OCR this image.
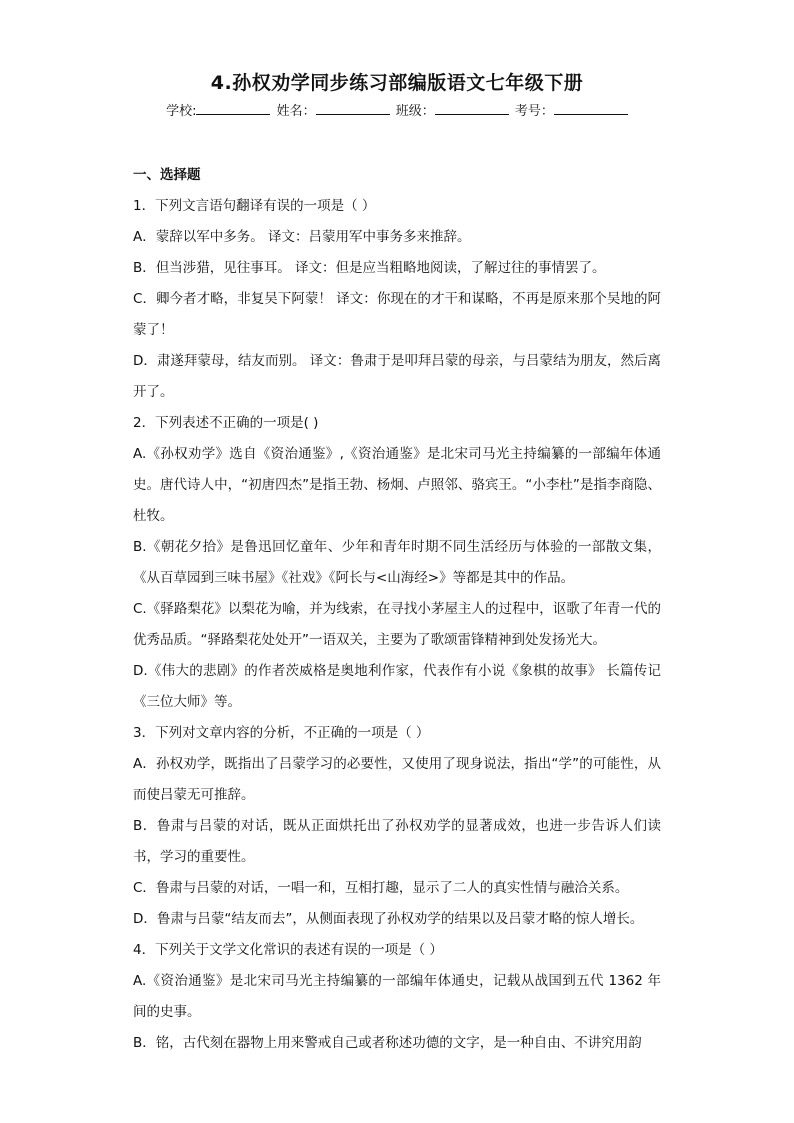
4.孙权劝学同步练习部编版语文七年级下册
学校:	姓名：	班级：	考号：
一、选择题

1．下列文言语句翻译有误的一项是（ ）

A．蒙辞以军中多务。 译文：吕蒙用军中事务多来推辞。

B．但当涉猎，见往事耳。 译文：但是应当粗略地阅读，了解过往的事情罢了。

C．卿今者才略，非复吴下阿蒙！ 译文：你现在的才干和谋略，不再是原来那个吴地的阿蒙了！

D．肃遂拜蒙母，结友而别。 译文：鲁肃于是叩拜吕蒙的母亲，与吕蒙结为朋友，然后离开了。

2．下列表述不正确的一项是( )

A.《孙权劝学》选自《资治通鉴》,《资治通鉴》是北宋司马光主持编纂的一部编年体通史。唐代诗人中，“初唐四杰”是指王勃、杨炯、卢照邻、骆宾王。“小李杜”是指李商隐、杜牧。

B.《朝花夕拾》是鲁迅回忆童年、少年和青年时期不同生活经历与体验的一部散文集，《从百草园到三味书屋》《社戏》《阿长与<山海经>》等都是其中的作品。

C.《驿路梨花》以梨花为喻，并为线索，在寻找小茅屋主人的过程中，讴歌了年青一代的优秀品质。“驿路梨花处处开”一语双关，主要为了歌颂雷锋精神到处发扬光大。

D.《伟大的悲剧》的作者茨威格是奥地利作家，代表作有小说《象棋的故事》 长篇传记《三位大师》等。

3．下列对文章内容的分析，不正确的一项是（ ）

A．孙权劝学，既指出了吕蒙学习的必要性，又使用了现身说法，指出“学”的可能性，从而使吕蒙无可推辞。

B．鲁肃与吕蒙的对话，既从正面烘托出了孙权劝学的显著成效，也进一步告诉人们读书，学习的重要性。

C．鲁肃与吕蒙的对话，一唱一和，互相打趣，显示了二人的真实性情与融洽关系。

D．鲁肃与吕蒙“结友而去”，从侧面表现了孙权劝学的结果以及吕蒙才略的惊人增长。

4．下列关于文学文化常识的表述有误的一项是（ ）

A.《资治通鉴》是北宋司马光主持编纂的一部编年体通史，记载从战国到五代 1362 年间的史事。

B．铭，古代刻在器物上用来警戒自己或者称述功德的文字，是一种自由、不讲究用韵
